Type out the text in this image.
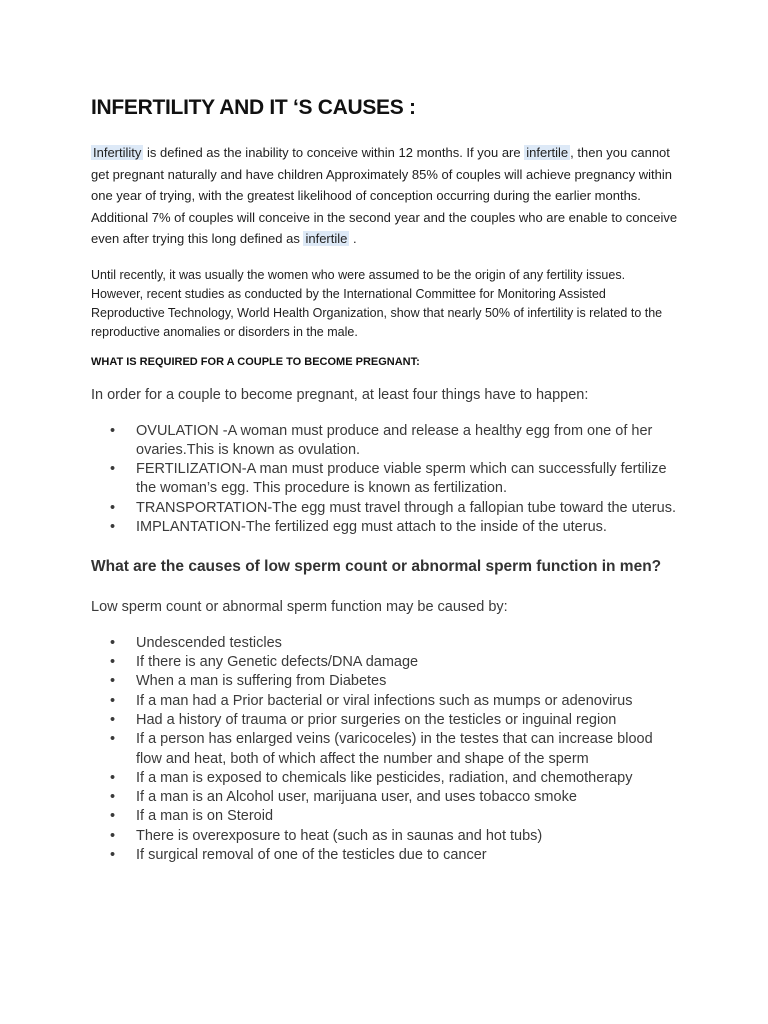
INFERTILITY AND IT ‘S CAUSES :

Infertility is defined as the inability to conceive within 12 months. If you are infertile , then you cannot get pregnant naturally and have children Approximately 85% of couples will achieve pregnancy within one year of trying, with the greatest likelihood of conception occurring during the earlier months. Additional 7% of couples will conceive in the second year and the couples who are enable to conceive even after trying this long defined as infertile .

Until recently, it was usually the women who were assumed to be the origin of any fertility issues. However, recent studies as conducted by the International Committee for Monitoring Assisted Reproductive Technology, World Health Organization, show that nearly 50% of infertility is related to the reproductive anomalies or disorders in the male.

WHAT IS REQUIRED FOR A COUPLE TO BECOME PREGNANT:

In order for a couple to become pregnant, at least four things have to happen:

• OVULATION -A woman must produce and release a healthy egg from one of her ovaries.This is known as ovulation.
• FERTILIZATION-A man must produce viable sperm which can successfully fertilize the woman’s egg. This procedure is known as fertilization.
• TRANSPORTATION-The egg must travel through a fallopian tube toward the uterus.
• IMPLANTATION-The fertilized egg must attach to the inside of the uterus.
What are the causes of low sperm count or abnormal sperm function in men?

Low sperm count or abnormal sperm function may be caused by:

• Undescended testicles
• If there is any Genetic defects/DNA damage
• When a man is suffering from Diabetes
• If a man had a Prior bacterial or viral infections such as mumps or adenovirus
• Had a history of trauma or prior surgeries on the testicles or inguinal region
• If a person has enlarged veins (varicoceles) in the testes that can increase blood flow and heat, both of which affect the number and shape of the sperm
• If a man is exposed to chemicals like pesticides, radiation, and chemotherapy
• If a man is an Alcohol user, marijuana user, and uses tobacco smoke
• If a man is on Steroid
• There is overexposure to heat (such as in saunas and hot tubs)
• If surgical removal of one of the testicles due to cancer
